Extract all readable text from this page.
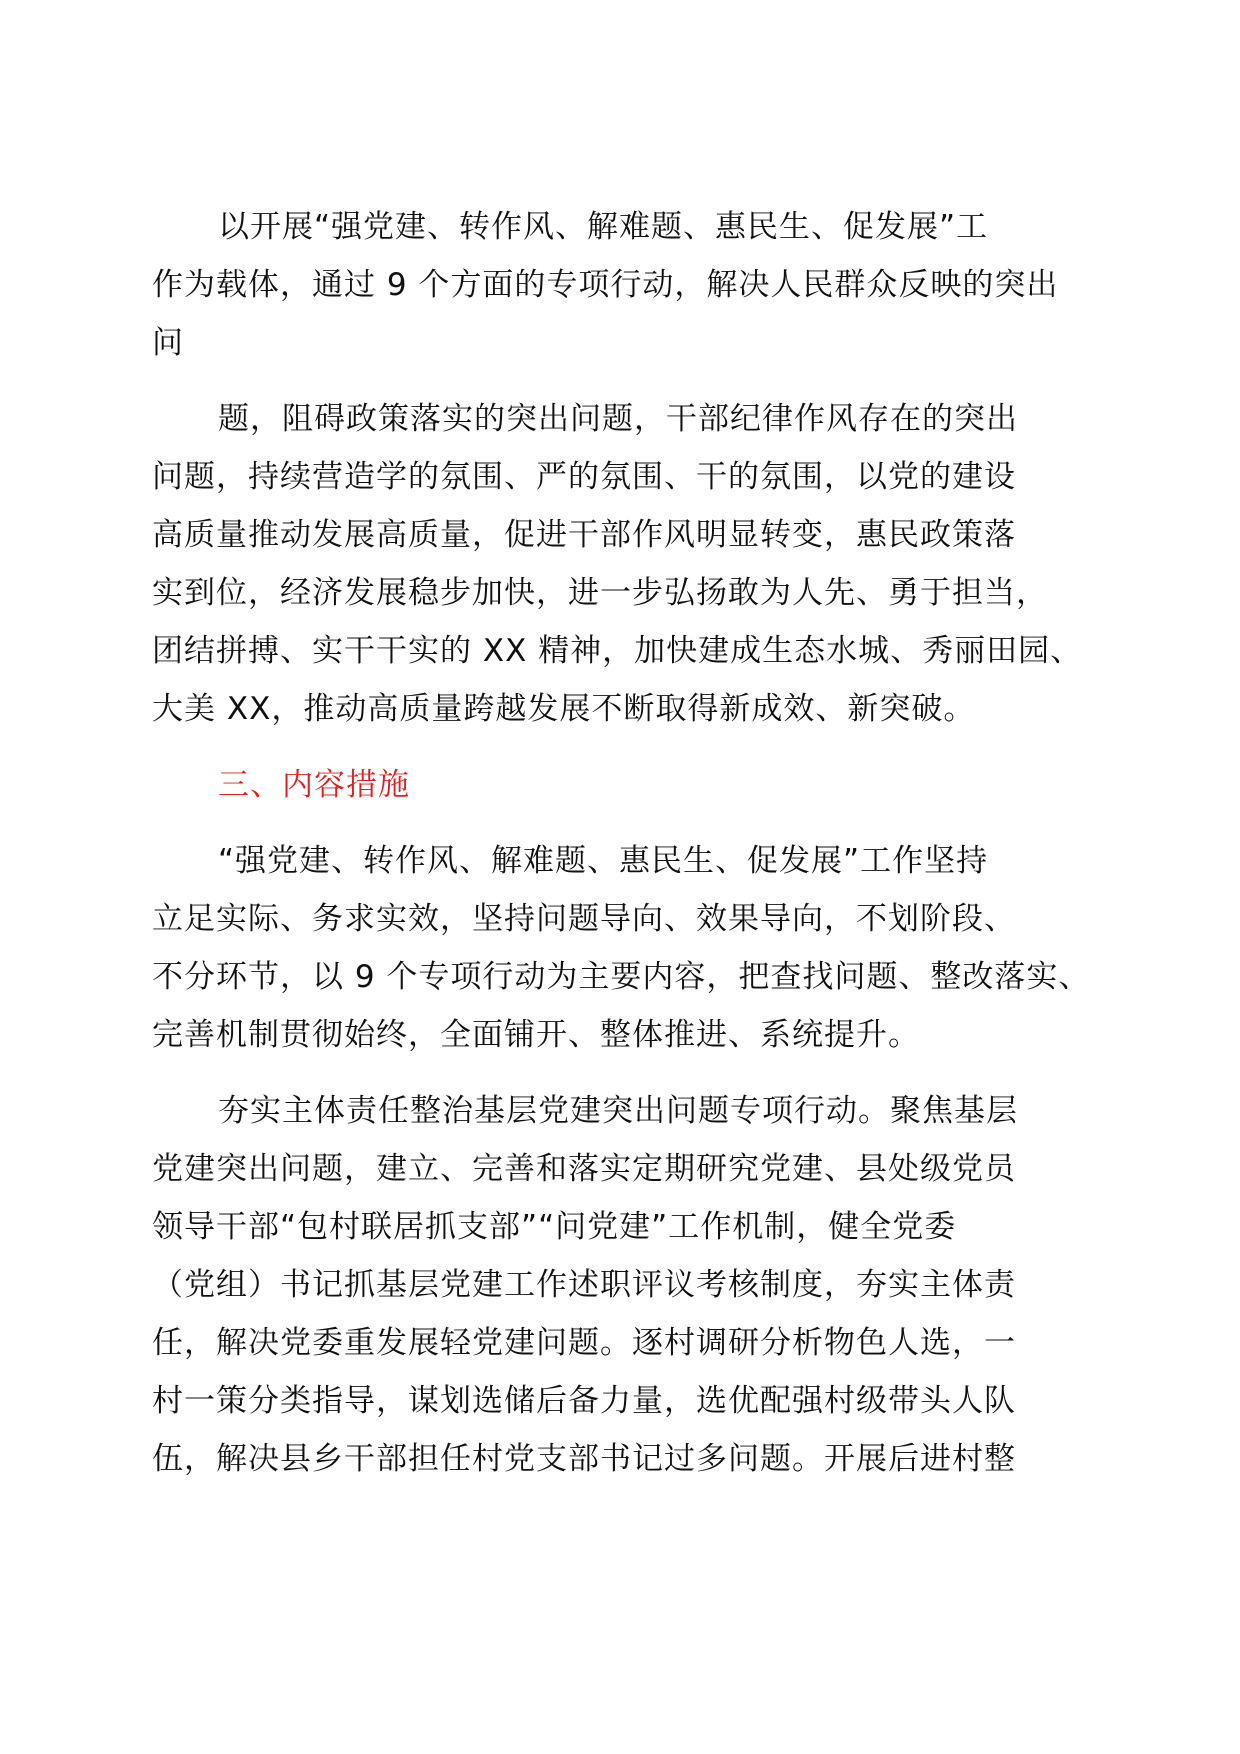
以开展“强党建、转作风、解难题、惠民生、促发展”工
作为载体，通过 9 个方面的专项行动，解决人民群众反映的突出
问

题，阻碍政策落实的突出问题，干部纪律作风存在的突出
问题，持续营造学的氛围、严的氛围、干的氛围，以党的建设
高质量推动发展高质量，促进干部作风明显转变，惠民政策落
实到位，经济发展稳步加快，进一步弘扬敢为人先、勇于担当，
团结拼搏、实干干实的 XX 精神，加快建成生态水城、秀丽田园、
大美 XX，推动高质量跨越发展不断取得新成效、新突破。

三、内容措施

“强党建、转作风、解难题、惠民生、促发展”工作坚持
立足实际、务求实效，坚持问题导向、效果导向，不划阶段、
不分环节，以 9 个专项行动为主要内容，把查找问题、整改落实、
完善机制贯彻始终，全面铺开、整体推进、系统提升。

夯实主体责任整治基层党建突出问题专项行动。聚焦基层
党建突出问题，建立、完善和落实定期研究党建、县处级党员
领导干部“包村联居抓支部”“问党建”工作机制，健全党委
（党组）书记抓基层党建工作述职评议考核制度，夯实主体责
任，解决党委重发展轻党建问题。逐村调研分析物色人选，一
村一策分类指导，谋划选储后备力量，选优配强村级带头人队
伍，解决县乡干部担任村党支部书记过多问题。开展后进村整
